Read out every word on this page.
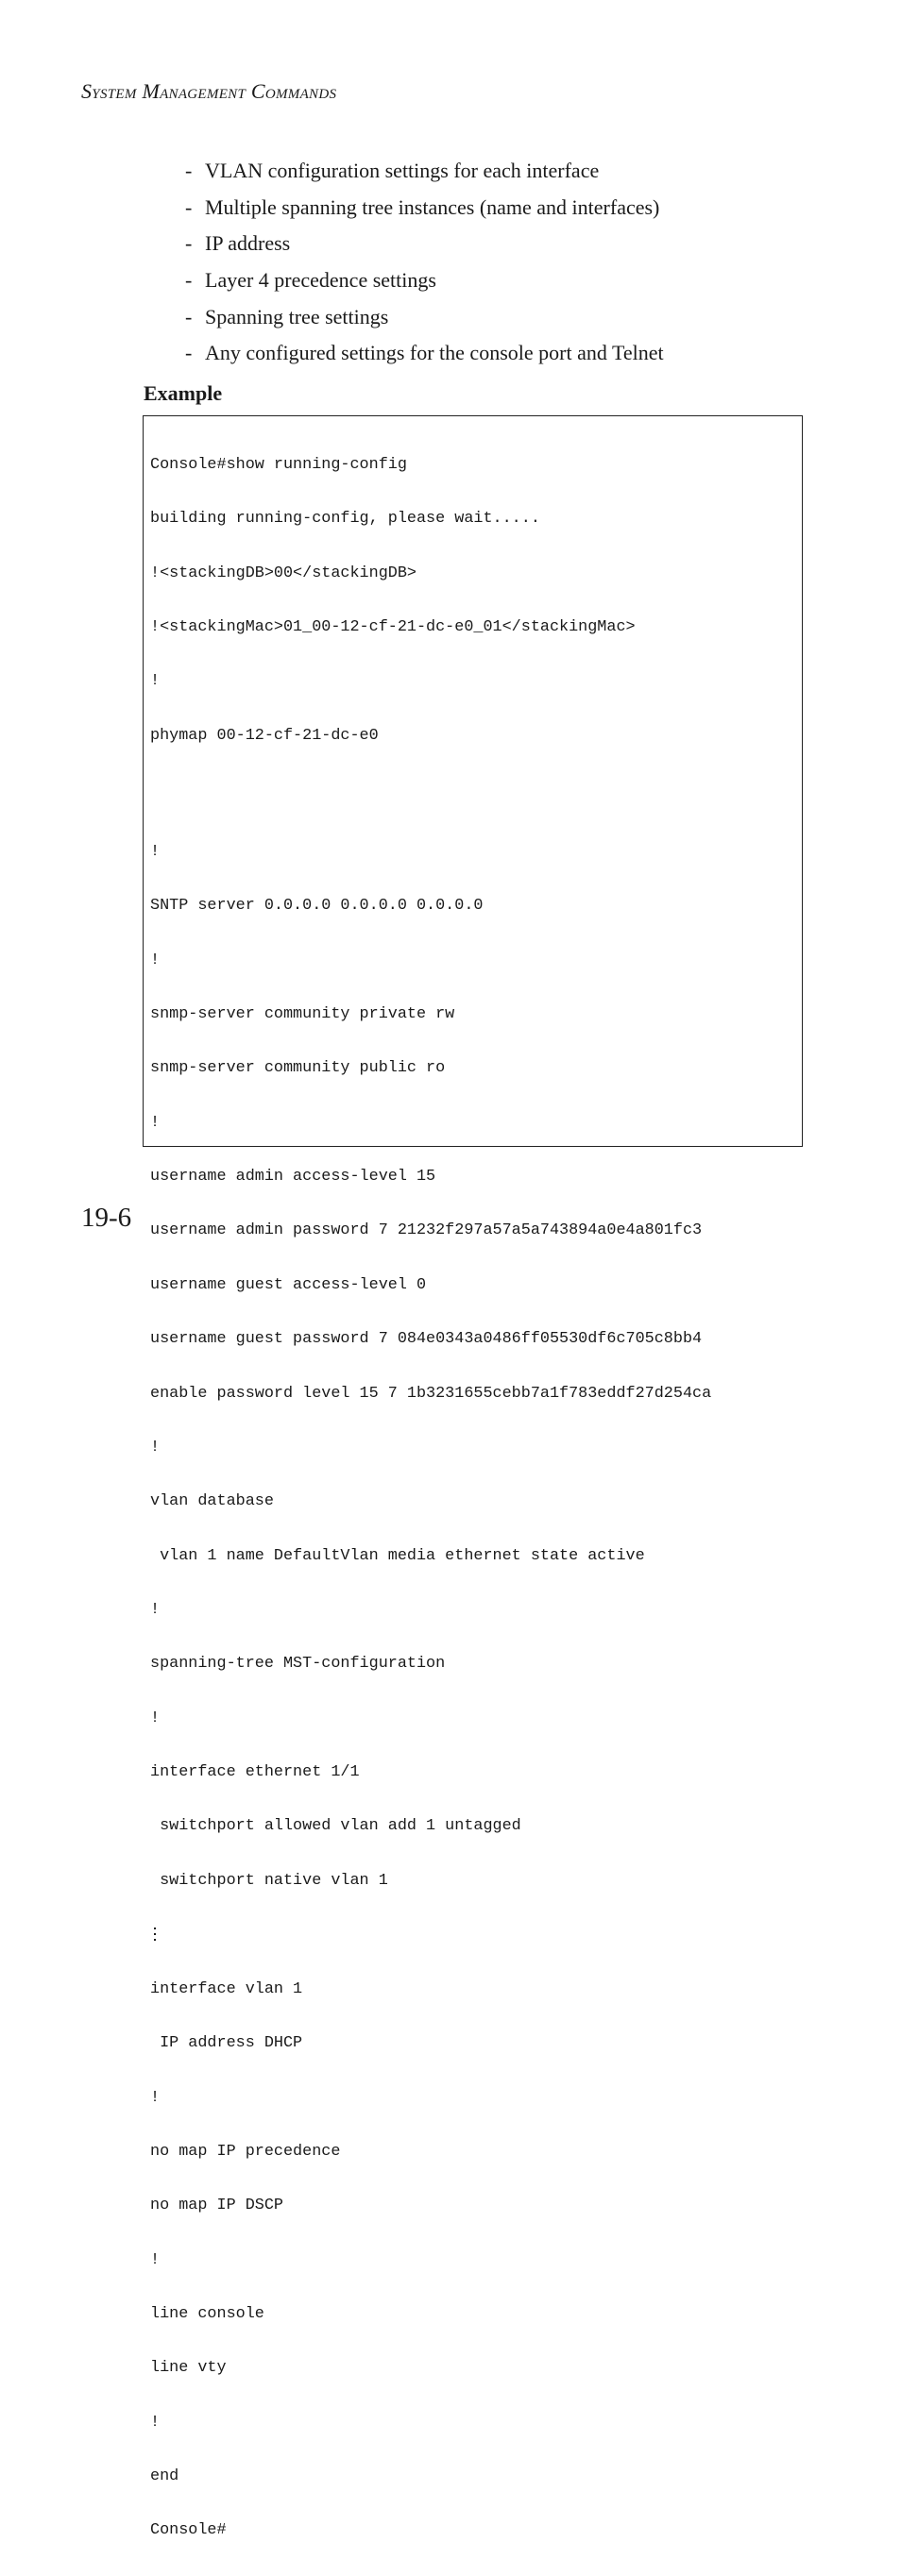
System Management Commands
- VLAN configuration settings for each interface
- Multiple spanning tree instances (name and interfaces)
- IP address
- Layer 4 precedence settings
- Spanning tree settings
- Any configured settings for the console port and Telnet
Example

Console#show running-config

building running-config, please wait.....

!<stackingDB>00</stackingDB>

!<stackingMac>01_00-12-cf-21-dc-e0_01</stackingMac>

!

phymap 00-12-cf-21-dc-e0

!

SNTP server 0.0.0.0 0.0.0.0 0.0.0.0

!

snmp-server community private rw

snmp-server community public ro

!

username admin access-level 15

username admin password 7 21232f297a57a5a743894a0e4a801fc3

username guest access-level 0

username guest password 7 084e0343a0486ff05530df6c705c8bb4

enable password level 15 7 1b3231655cebb7a1f783eddf27d254ca

!

vlan database

vlan 1 name DefaultVlan media ethernet state active

!

spanning-tree MST-configuration

!

interface ethernet 1/1

switchport allowed vlan add 1 untagged

switchport native vlan 1

interface vlan 1

IP address DHCP

!

no map IP precedence

no map IP DSCP

!

line console

line vty

!

end

Console#

19-6
